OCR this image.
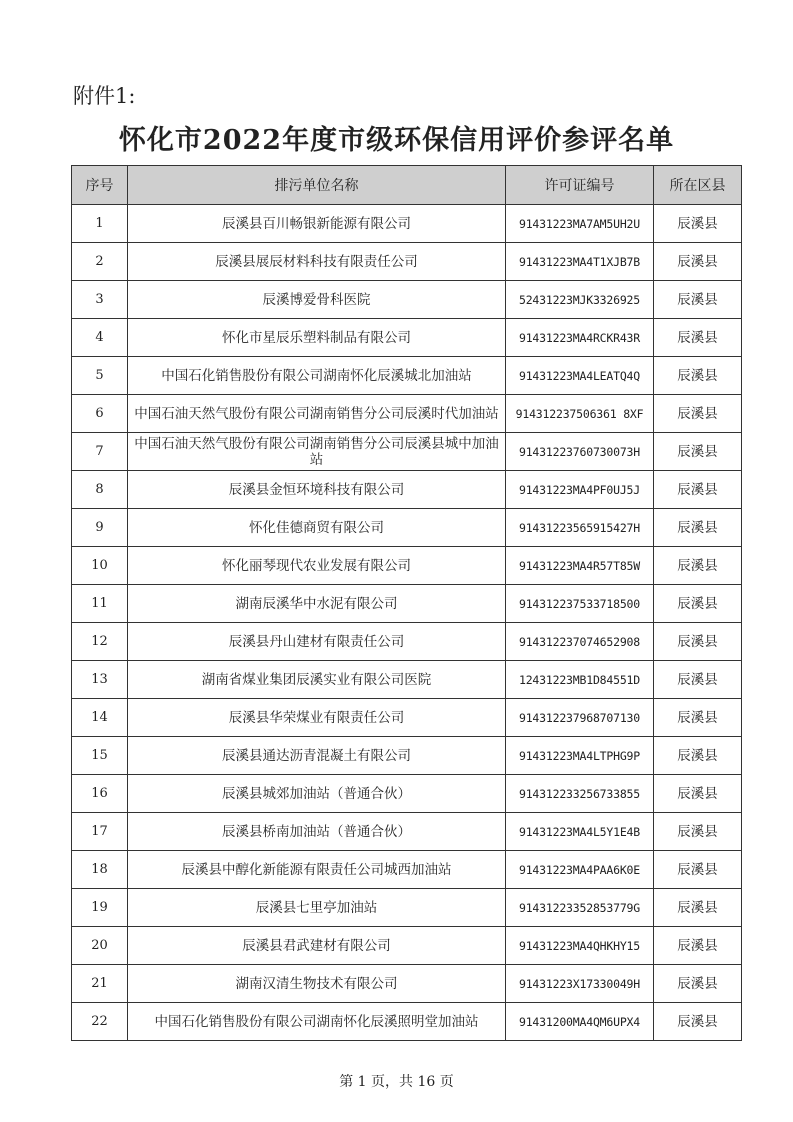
附件1:
怀化市2022年度市级环保信用评价参评名单
序号	排污单位名称	许可证编号	所在区县
1	辰溪县百川畅银新能源有限公司	91431223MA7AM5UH2U	辰溪县
2	辰溪县展辰材料科技有限责任公司	91431223MA4T1XJB7B	辰溪县
3	辰溪博爱骨科医院	52431223MJK3326925	辰溪县
4	怀化市星辰乐塑料制品有限公司	91431223MA4RCKR43R	辰溪县
5	中国石化销售股份有限公司湖南怀化辰溪城北加油站	91431223MA4LEATQ4Q	辰溪县
6	中国石油天然气股份有限公司湖南销售分公司辰溪时代加油站	914312237506361 8XF	辰溪县
7	中国石油天然气股份有限公司湖南销售分公司辰溪县城中加油站	91431223760730073H	辰溪县
8	辰溪县金恒环境科技有限公司	91431223MA4PF0UJ5J	辰溪县
9	怀化佳德商贸有限公司	91431223565915427H	辰溪县
10	怀化丽琴现代农业发展有限公司	91431223MA4R57T85W	辰溪县
11	湖南辰溪华中水泥有限公司	914312237533718500	辰溪县
12	辰溪县丹山建材有限责任公司	914312237074652908	辰溪县
13	湖南省煤业集团辰溪实业有限公司医院	12431223MB1D84551D	辰溪县
14	辰溪县华荣煤业有限责任公司	914312237968707130	辰溪县
15	辰溪县通达沥青混凝土有限公司	91431223MA4LTPHG9P	辰溪县
16	辰溪县城郊加油站（普通合伙）	914312233256733855	辰溪县
17	辰溪县桥南加油站（普通合伙）	91431223MA4L5Y1E4B	辰溪县
18	辰溪县中醇化新能源有限责任公司城西加油站	91431223MA4PAA6K0E	辰溪县
19	辰溪县七里亭加油站	91431223352853779G	辰溪县
20	辰溪县君武建材有限公司	91431223MA4QHKHY15	辰溪县
21	湖南汉清生物技术有限公司	91431223X17330049H	辰溪县
22	中国石化销售股份有限公司湖南怀化辰溪照明堂加油站	91431200MA4QM6UPX4	辰溪县
第 1 页，共 16 页
